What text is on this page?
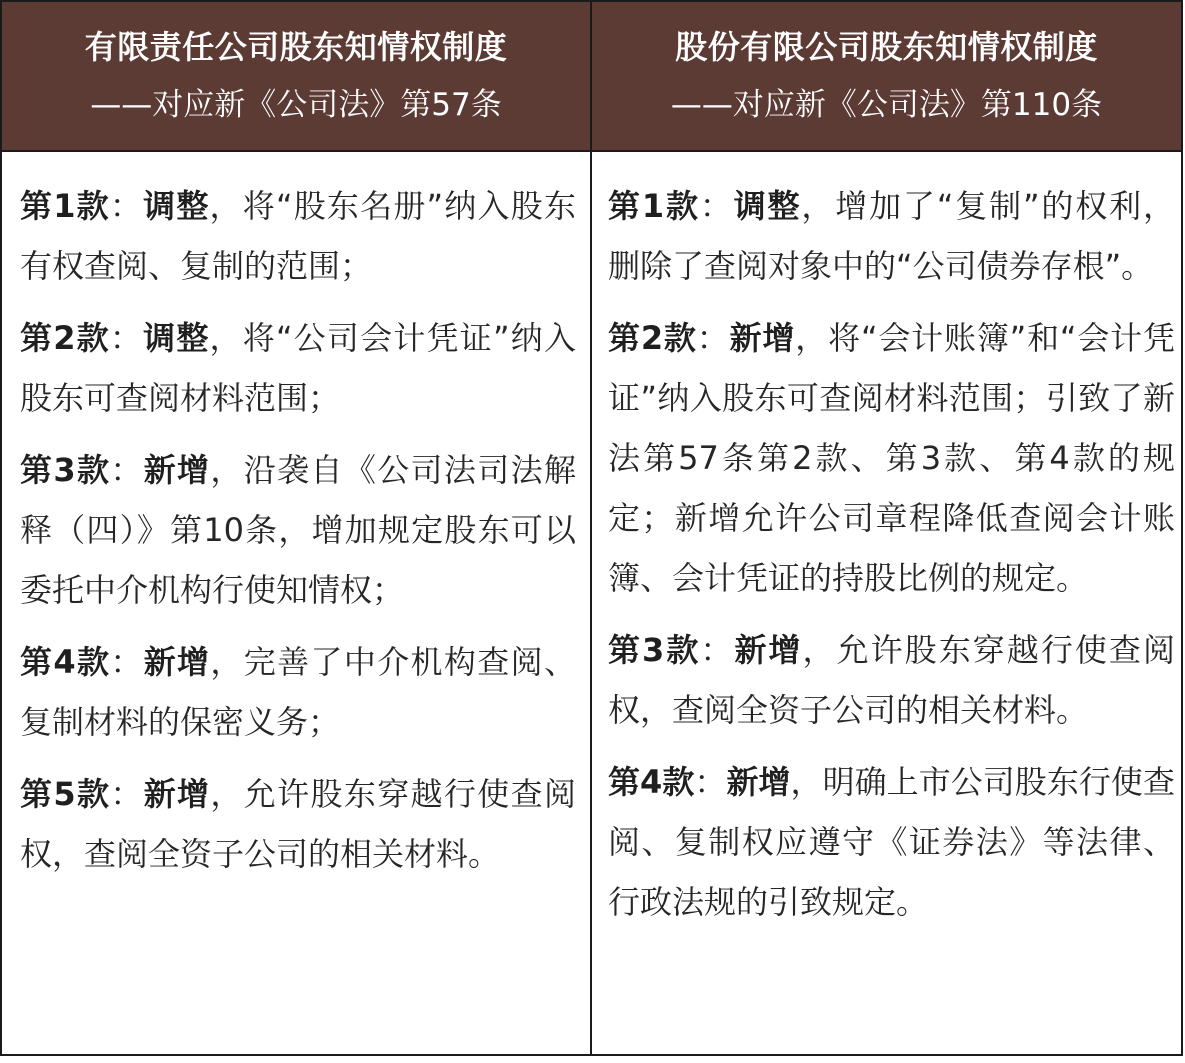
有限责任公司股东知情权制度
——对应新《公司法》第57条
股份有限公司股东知情权制度
——对应新《公司法》第110条

第1款：调整，将“股东名册”纳入股东有权查阅、复制的范围；

第2款：调整，将“公司会计凭证”纳入股东可查阅材料范围；

第3款：新增，沿袭自《公司法司法解释（四）》第10条，增加规定股东可以委托中介机构行使知情权；

第4款：新增，完善了中介机构查阅、复制材料的保密义务；

第5款：新增，允许股东穿越行使查阅权，查阅全资子公司的相关材料。

第1款：调整，增加了“复制”的权利，删除了查阅对象中的“公司债券存根”。

第2款：新增，将“会计账簿”和“会计凭证”纳入股东可查阅材料范围；引致了新法第57条第2款、第3款、第4款的规定；新增允许公司章程降低查阅会计账簿、会计凭证的持股比例的规定。

第3款：新增，允许股东穿越行使查阅权，查阅全资子公司的相关材料。

第4款：新增，明确上市公司股东行使查阅、复制权应遵守《证券法》等法律、行政法规的引致规定。
